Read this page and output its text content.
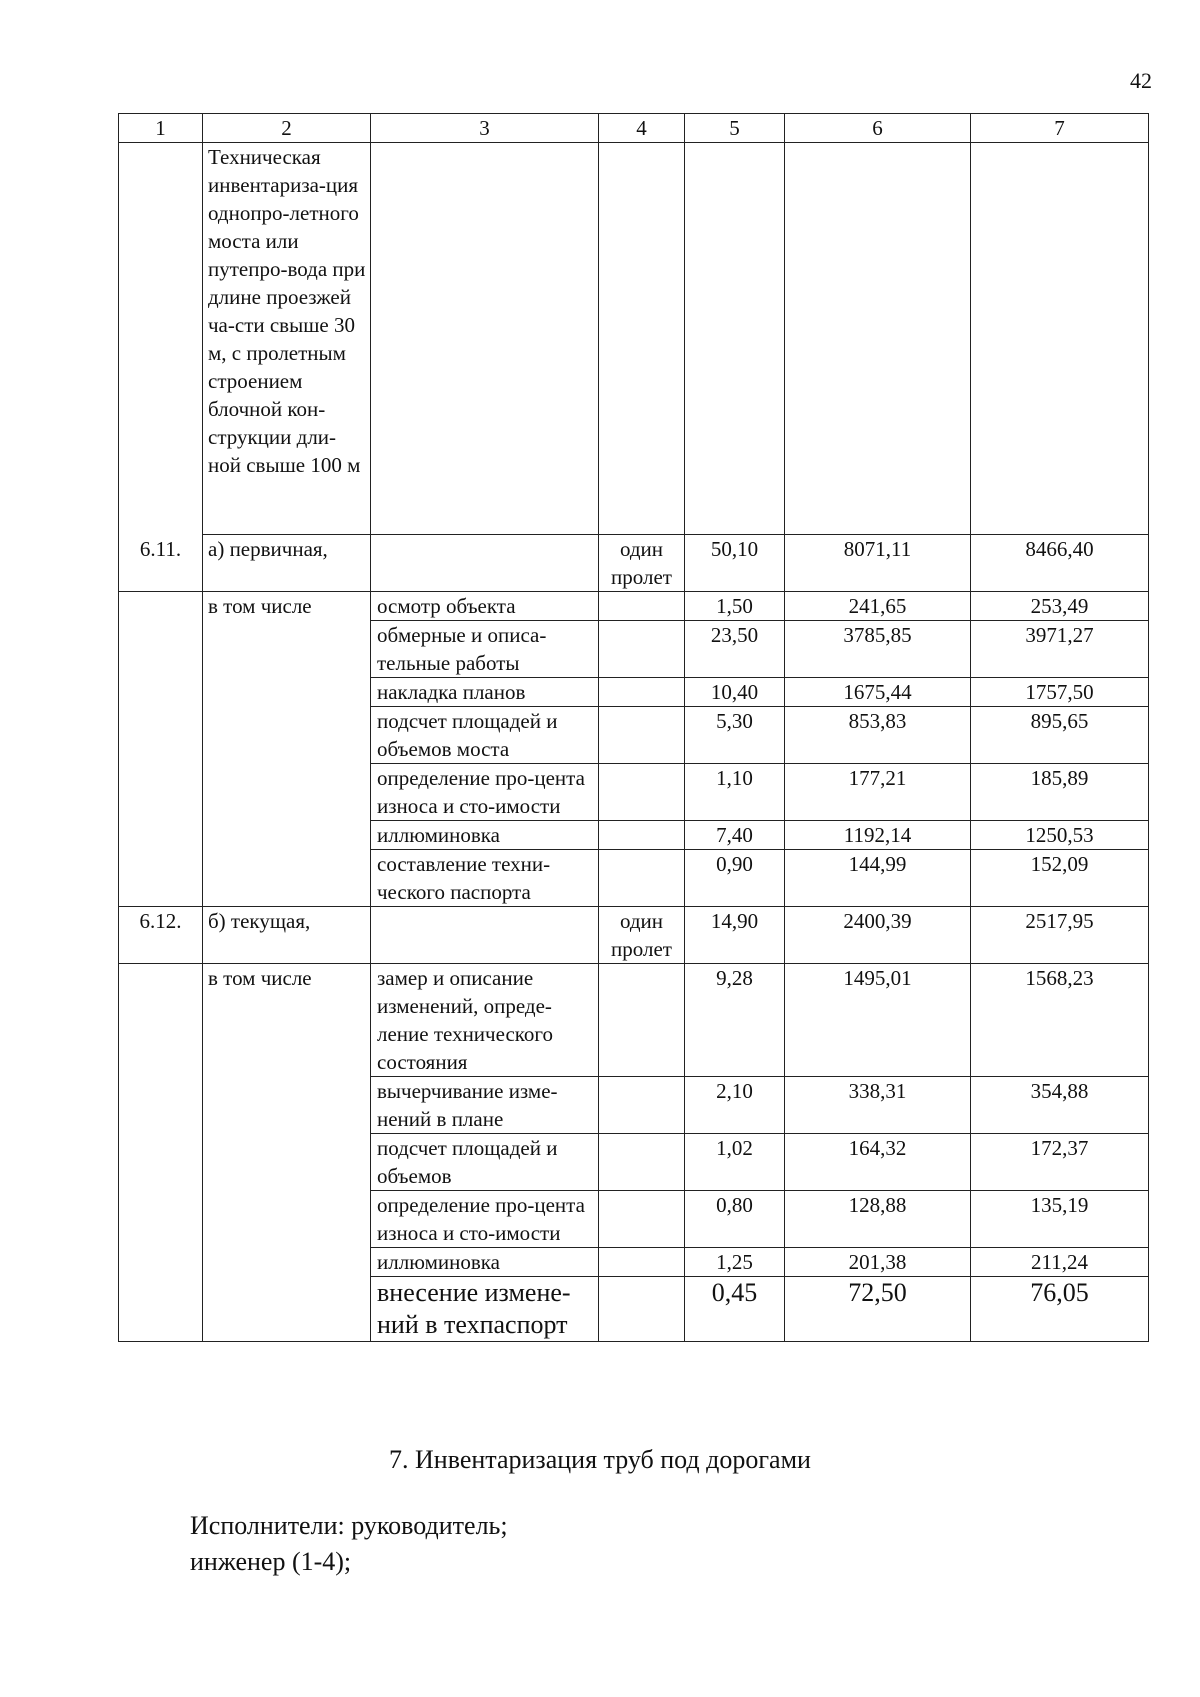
42
1	2	3	4	5	6	7
	Техническая инвентариза-ция однопро-летного моста или путепро-вода при длине проезжей ча-сти свыше 30 м, с пролетным строением блочной кон-струкции дли-ной свыше 100 м					
6.11.	а) первичная,		один пролет	50,10	8071,11	8466,40
	в том числе	осмотр объекта		1,50	241,65	253,49
		обмерные и описа-тельные работы		23,50	3785,85	3971,27
		накладка планов		10,40	1675,44	1757,50
		подсчет площадей и объемов моста		5,30	853,83	895,65
		определение про-цента износа и сто-имости		1,10	177,21	185,89
		иллюминовка		7,40	1192,14	1250,53
		составление техни-ческого паспорта		0,90	144,99	152,09
6.12.	б) текущая,		один пролет	14,90	2400,39	2517,95
	в том числе	замер и описание изменений, опреде-ление технического состояния		9,28	1495,01	1568,23
		вычерчивание изме-нений в плане		2,10	338,31	354,88
		подсчет площадей и объемов		1,02	164,32	172,37
		определение про-цента износа и сто-имости		0,80	128,88	135,19
		иллюминовка		1,25	201,38	211,24
		внесение измене-ний в техпаспорт		0,45	72,50	76,05
7. Инвентаризация труб под дорогами
Исполнители: руководитель;
инженер (1-4);
